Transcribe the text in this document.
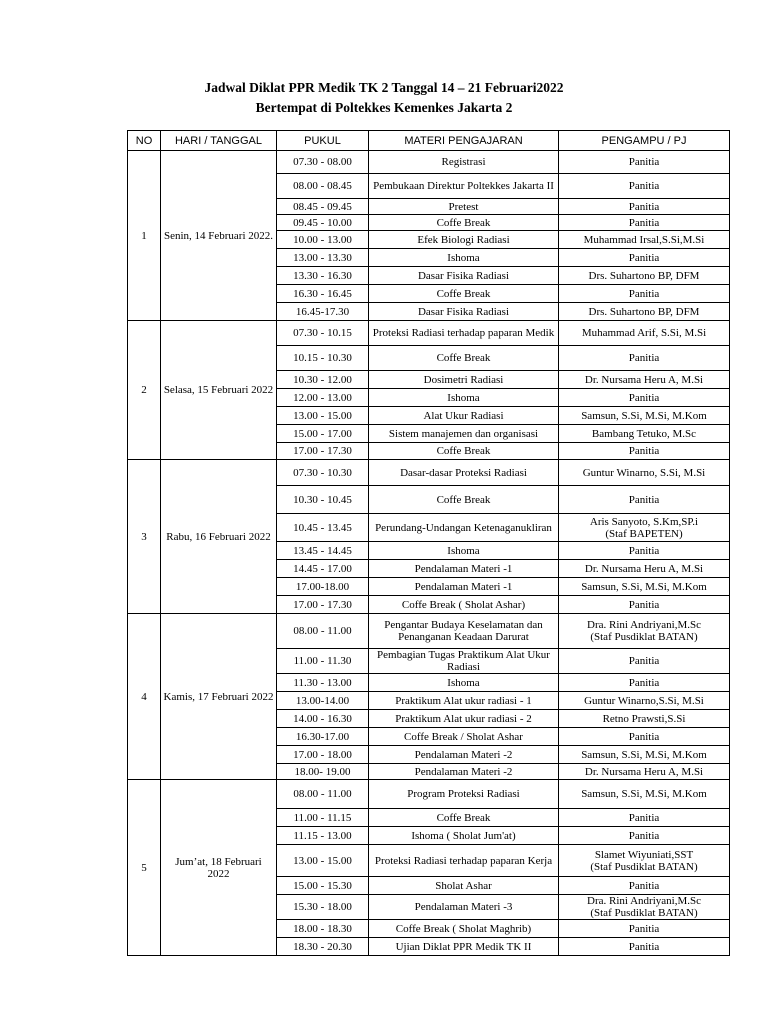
Jadwal Diklat PPR Medik TK 2 Tanggal 14 – 21 Februari2022
Bertempat di Poltekkes Kemenkes Jakarta 2
NO	HARI / TANGGAL	PUKUL	MATERI PENGAJARAN	PENGAMPU / PJ
1	Senin, 14 Februari 2022.	07.30 - 08.00	Registrasi	Panitia

		08.00 - 08.45	Pembukaan Direktur Poltekkes Jakarta II	Panitia

		08.45 - 09.45	Pretest	Panitia

		09.45 - 10.00	Coffe Break	Panitia

		10.00 - 13.00	Efek Biologi Radiasi	Muhammad Irsal,S.Si,M.Si

		13.00 - 13.30	Ishoma	Panitia

		13.30 - 16.30	Dasar Fisika Radiasi	Drs. Suhartono BP, DFM

		16.30 - 16.45	Coffe Break	Panitia

		16.45-17.30	Dasar Fisika Radiasi	Drs. Suhartono BP, DFM

2	Selasa, 15 Februari 2022	07.30 - 10.15	Proteksi Radiasi terhadap paparan Medik	Muhammad Arif, S.Si, M.Si

		10.15 - 10.30	Coffe Break	Panitia

		10.30 - 12.00	Dosimetri Radiasi	Dr. Nursama Heru A, M.Si

		12.00 - 13.00	Ishoma	Panitia

		13.00 - 15.00	Alat Ukur Radiasi	Samsun, S.Si, M.Si, M.Kom

		15.00 - 17.00	Sistem manajemen dan organisasi	Bambang Tetuko, M.Sc

		17.00 - 17.30	Coffe Break	Panitia

3	Rabu, 16 Februari 2022	07.30 - 10.30	Dasar-dasar Proteksi Radiasi	Guntur Winarno, S.Si, M.Si

		10.30 - 10.45	Coffe Break	Panitia

		10.45 - 13.45	Perundang-Undangan Ketenaganukliran	Aris Sanyoto, S.Km,SP.i
(Staf BAPETEN)

		13.45 - 14.45	Ishoma	Panitia

		14.45 - 17.00	Pendalaman Materi -1	Dr. Nursama Heru A, M.Si

		17.00-18.00	Pendalaman Materi -1	Samsun, S.Si, M.Si, M.Kom

		17.00 - 17.30	Coffe Break ( Sholat Ashar)	Panitia

4	Kamis, 17 Februari 2022	08.00 - 11.00	Pengantar Budaya Keselamatan dan Penanganan Keadaan Darurat	Dra. Rini Andriyani,M.Sc
(Staf Pusdiklat BATAN)

		11.00 - 11.30	Pembagian Tugas Praktikum Alat Ukur Radiasi	Panitia

		11.30 - 13.00	Ishoma	Panitia

		13.00-14.00	Praktikum Alat ukur radiasi - 1	Guntur Winarno,S.Si, M.Si

		14.00 - 16.30	Praktikum Alat ukur radiasi - 2	Retno Prawsti,S.Si

		16.30-17.00	Coffe Break / Sholat Ashar	Panitia

		17.00 - 18.00	Pendalaman Materi -2	Samsun, S.Si, M.Si, M.Kom

		18.00- 19.00	Pendalaman Materi -2	Dr. Nursama Heru A, M.Si

5	Jum’at, 18 Februari 2022	08.00 - 11.00	Program Proteksi Radiasi	Samsun, S.Si, M.Si, M.Kom

		11.00 - 11.15	Coffe Break	Panitia

		11.15 - 13.00	Ishoma ( Sholat Jum'at)	Panitia

		13.00 - 15.00	Proteksi Radiasi terhadap paparan Kerja	Slamet Wiyuniati,SST
(Staf Pusdiklat BATAN)

		15.00 - 15.30	Sholat Ashar	Panitia

		15.30 - 18.00	Pendalaman Materi -3	Dra. Rini Andriyani,M.Sc
(Staf Pusdiklat BATAN)

		18.00 - 18.30	Coffe Break ( Sholat Maghrib)	Panitia

		18.30 - 20.30	Ujian Diklat PPR Medik TK II	Panitia
